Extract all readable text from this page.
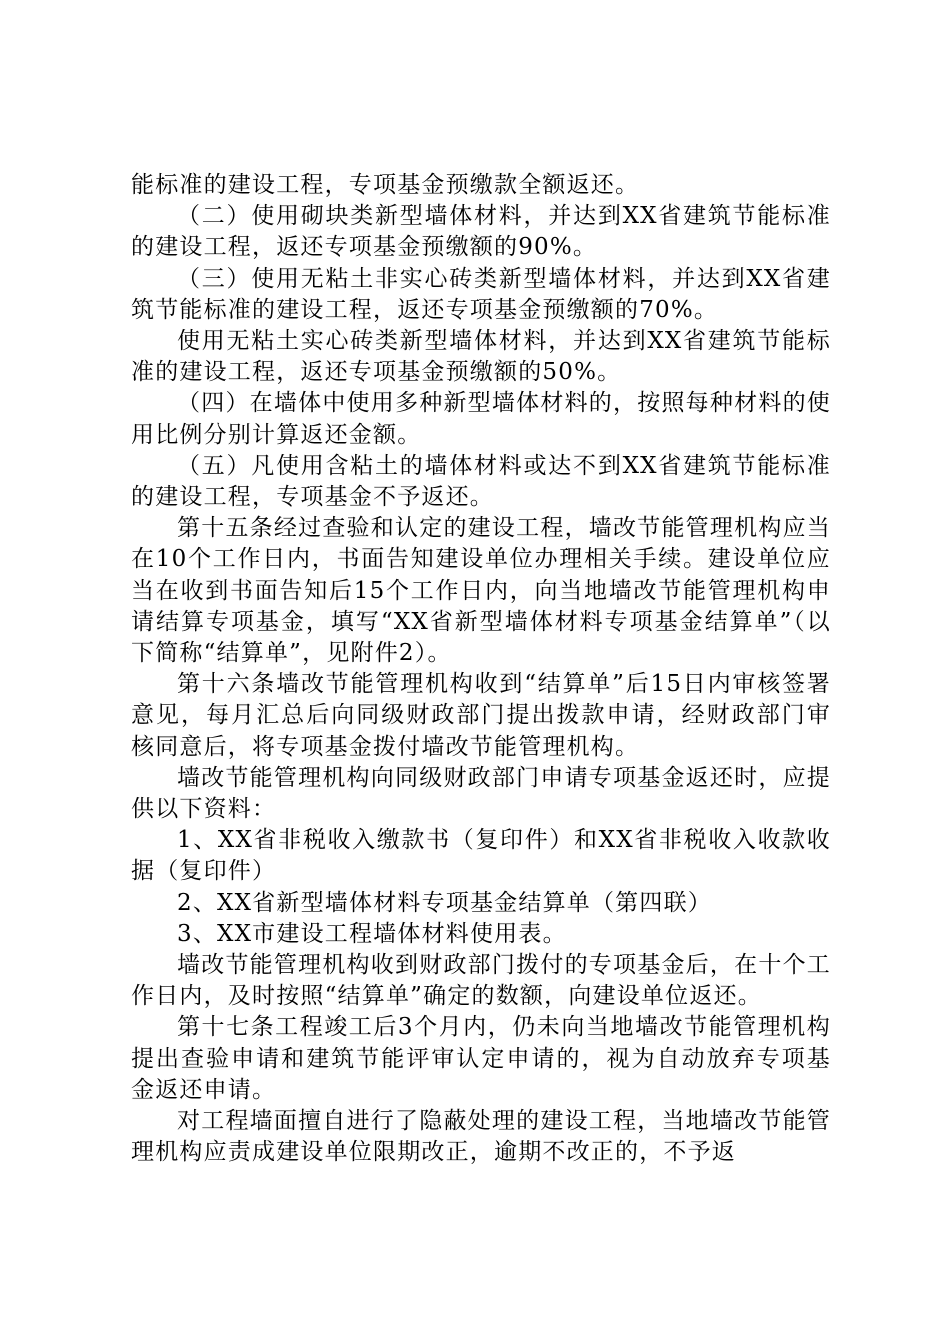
能标准的建设工程，专项基金预缴款全额返还。

（二）使用砌块类新型墙体材料，并达到XX省建筑节能标准的建设工程，返还专项基金预缴额的90%。

（三）使用无粘土非实心砖类新型墙体材料，并达到XX省建筑节能标准的建设工程，返还专项基金预缴额的70%。

使用无粘土实心砖类新型墙体材料，并达到XX省建筑节能标准的建设工程，返还专项基金预缴额的50%。

（四）在墙体中使用多种新型墙体材料的，按照每种材料的使用比例分别计算返还金额。

（五）凡使用含粘土的墙体材料或达不到XX省建筑节能标准的建设工程，专项基金不予返还。

第十五条经过查验和认定的建设工程，墙改节能管理机构应当在10个工作日内，书面告知建设单位办理相关手续。建设单位应当在收到书面告知后15个工作日内，向当地墙改节能管理机构申请结算专项基金，填写“XX省新型墙体材料专项基金结算单”（以下简称“结算单”，见附件2）。

第十六条墙改节能管理机构收到“结算单”后15日内审核签署意见，每月汇总后向同级财政部门提出拨款申请，经财政部门审核同意后，将专项基金拨付墙改节能管理机构。

墙改节能管理机构向同级财政部门申请专项基金返还时，应提供以下资料：

1、XX省非税收入缴款书（复印件）和XX省非税收入收款收据（复印件）

2、XX省新型墙体材料专项基金结算单（第四联）

3、XX市建设工程墙体材料使用表。

墙改节能管理机构收到财政部门拨付的专项基金后，在十个工作日内，及时按照“结算单”确定的数额，向建设单位返还。

第十七条工程竣工后3个月内，仍未向当地墙改节能管理机构提出查验申请和建筑节能评审认定申请的，视为自动放弃专项基金返还申请。

对工程墙面擅自进行了隐蔽处理的建设工程，当地墙改节能管理机构应责成建设单位限期改正，逾期不改正的，不予返
